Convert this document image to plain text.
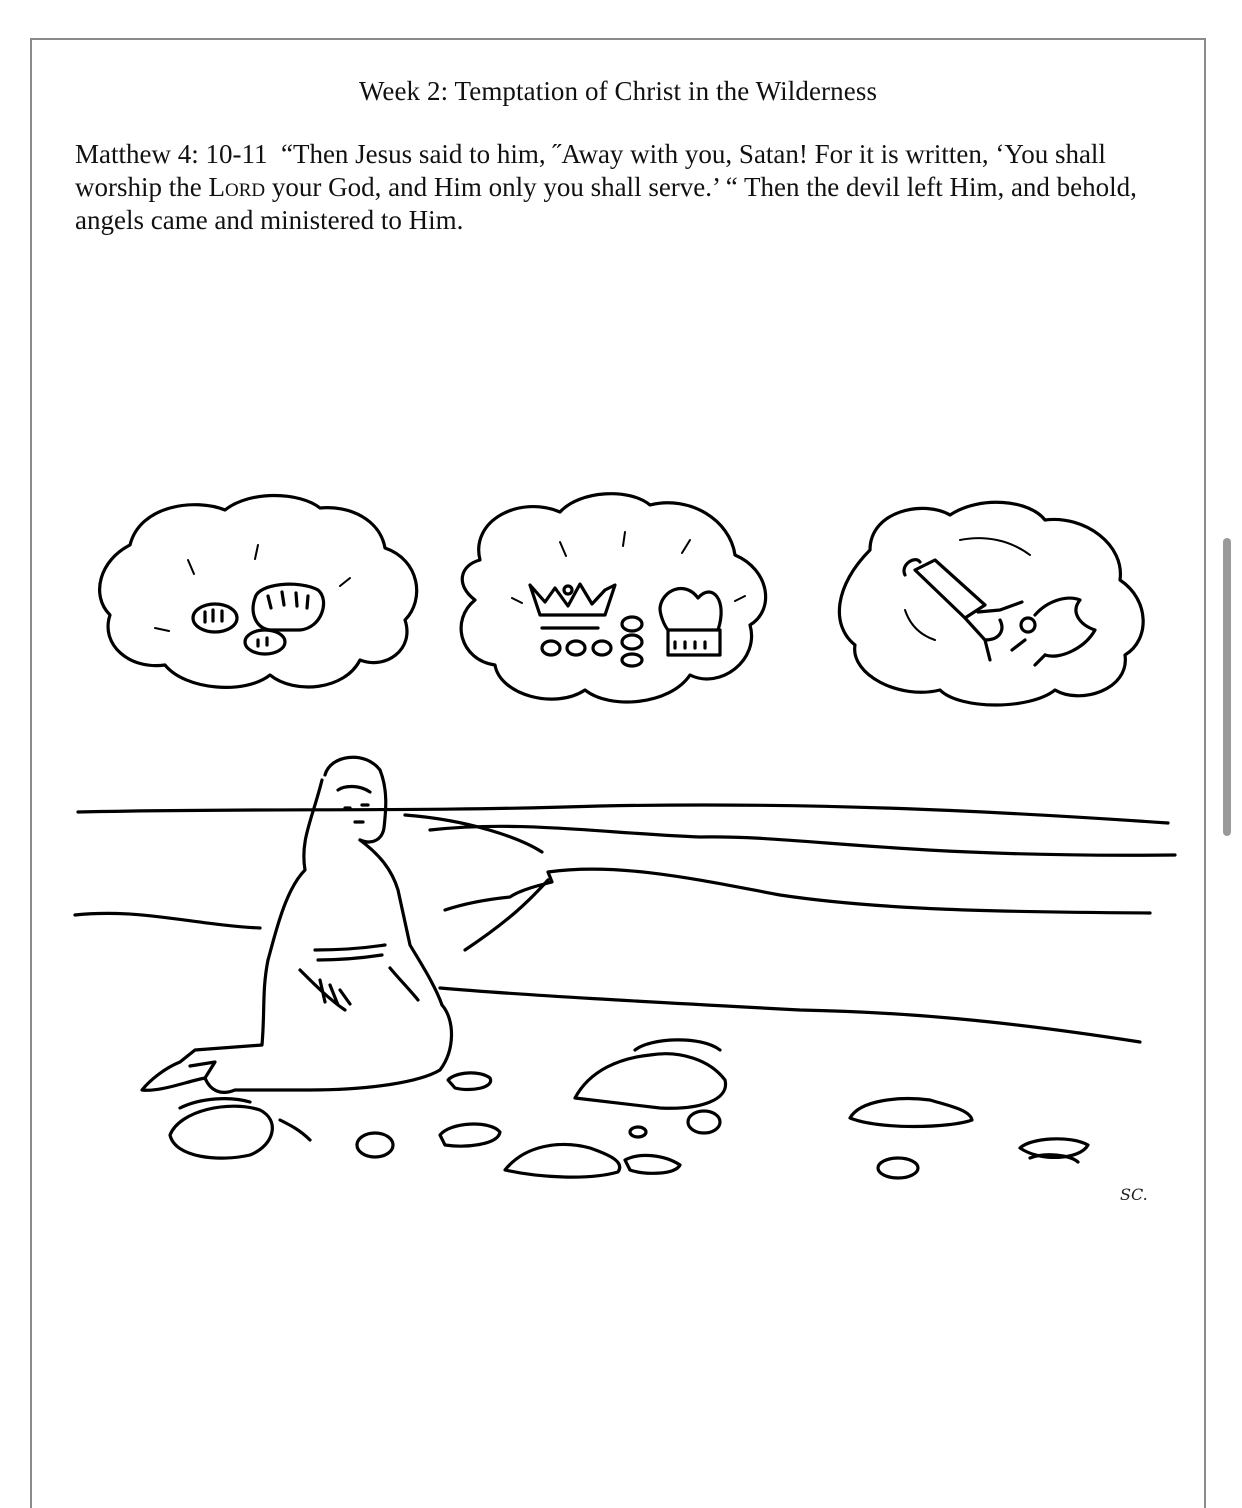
Week 2: Temptation of Christ in the Wilderness
Matthew 4: 10-11 “Then Jesus said to him, ˝Away with you, Satan! For it is written, ‘You shall worship the Lord your God, and Him only you shall serve.’ “ Then the devil left Him, and behold, angels came and ministered to Him.
SC.
